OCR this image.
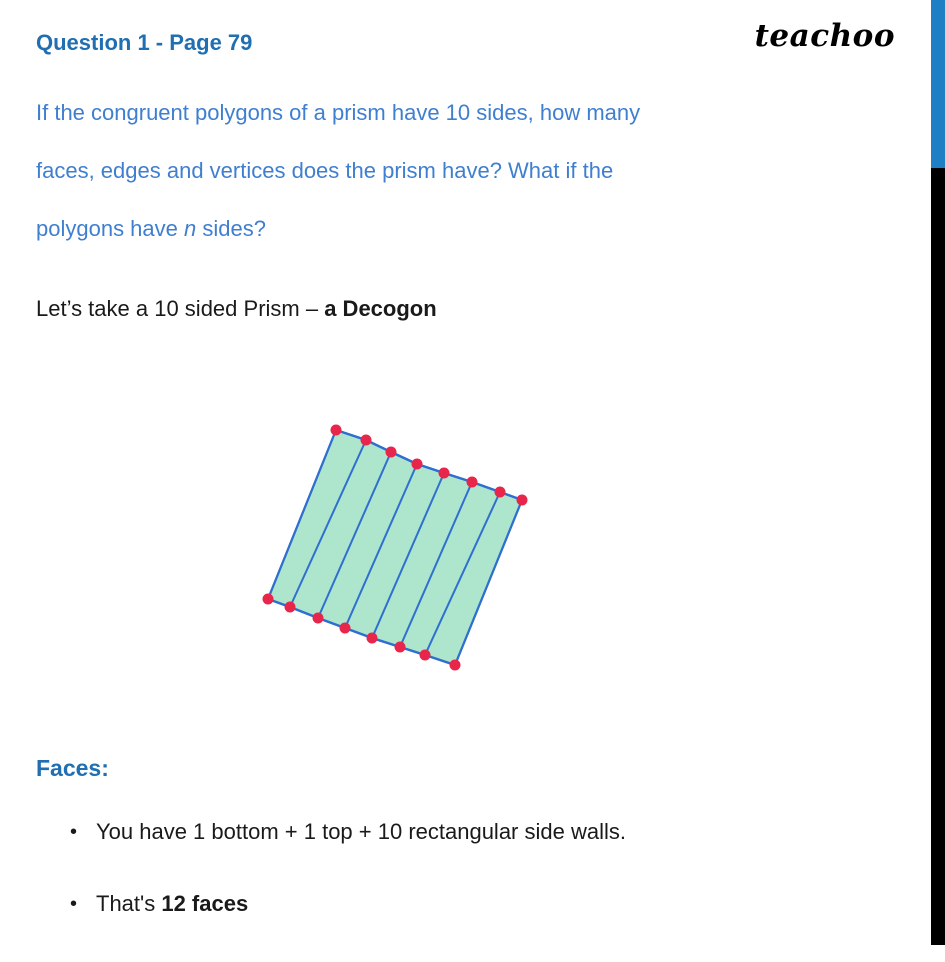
teachoo
Question 1 - Page 79
If the congruent polygons of a prism have 10 sides, how many
faces, edges and vertices does the prism have? What if the
polygons have n sides?
Let’s take a 10 sided Prism – a Decogon
Faces:
• You have 1 bottom + 1 top + 10 rectangular side walls.
• That's 12 faces
